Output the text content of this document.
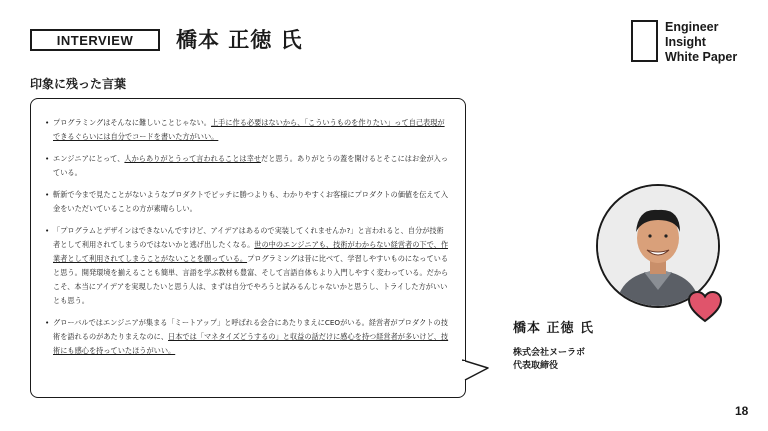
INTERVIEW 橋本 正徳 氏
Engineer
Insight
White Paper
印象に残った言葉
• プログラミングはそんなに難しいことじゃない。上手に作る必要はないから、「こういうものを作りたい」って自己表現ができるぐらいには自分でコードを書いた方がいい。
• エンジニアにとって、人からありがとうって言われることは幸せだと思う。ありがとうの蓋を開けるとそこにはお金が入っている。
• 斬新で今まで見たことがないようなプロダクトでピッチに勝つよりも、わかりやすくお客様にプロダクトの価値を伝えて入金をいただいていることの方が素晴らしい。
• 「プログラムとデザインはできないんですけど、アイデアはあるので実装してくれませんか?」と言われると、自分が技術者として利用されてしまうのではないかと逃げ出したくなる。世の中のエンジニアも、技術がわからない経営者の下で、作業者として利用されてしまうことがないことを願っている。プログラミングは昔に比べて、学習しやすいものになっていると思う。開発環境を揃えることも簡単、言語を学ぶ教材も豊富、そして言語自体もより入門しやすく変わっている。だからこそ、本当にアイデアを実現したいと思う人は、まずは自分でやろうと試みるんじゃないかと思うし、トライした方がいいとも思う。
• グローバルではエンジニアが集まる「ミートアップ」と呼ばれる会合にあたりまえにCEOがいる。経営者がプロダクトの技術を語れるのがあたりまえなのに、日本では「マネタイズどうするの」と収益の話だけに感心を持つ経営者が多いけど、技術にも感心を持っていたほうがいい。
橋本 正徳 氏
株式会社ヌーラボ
代表取締役
18
